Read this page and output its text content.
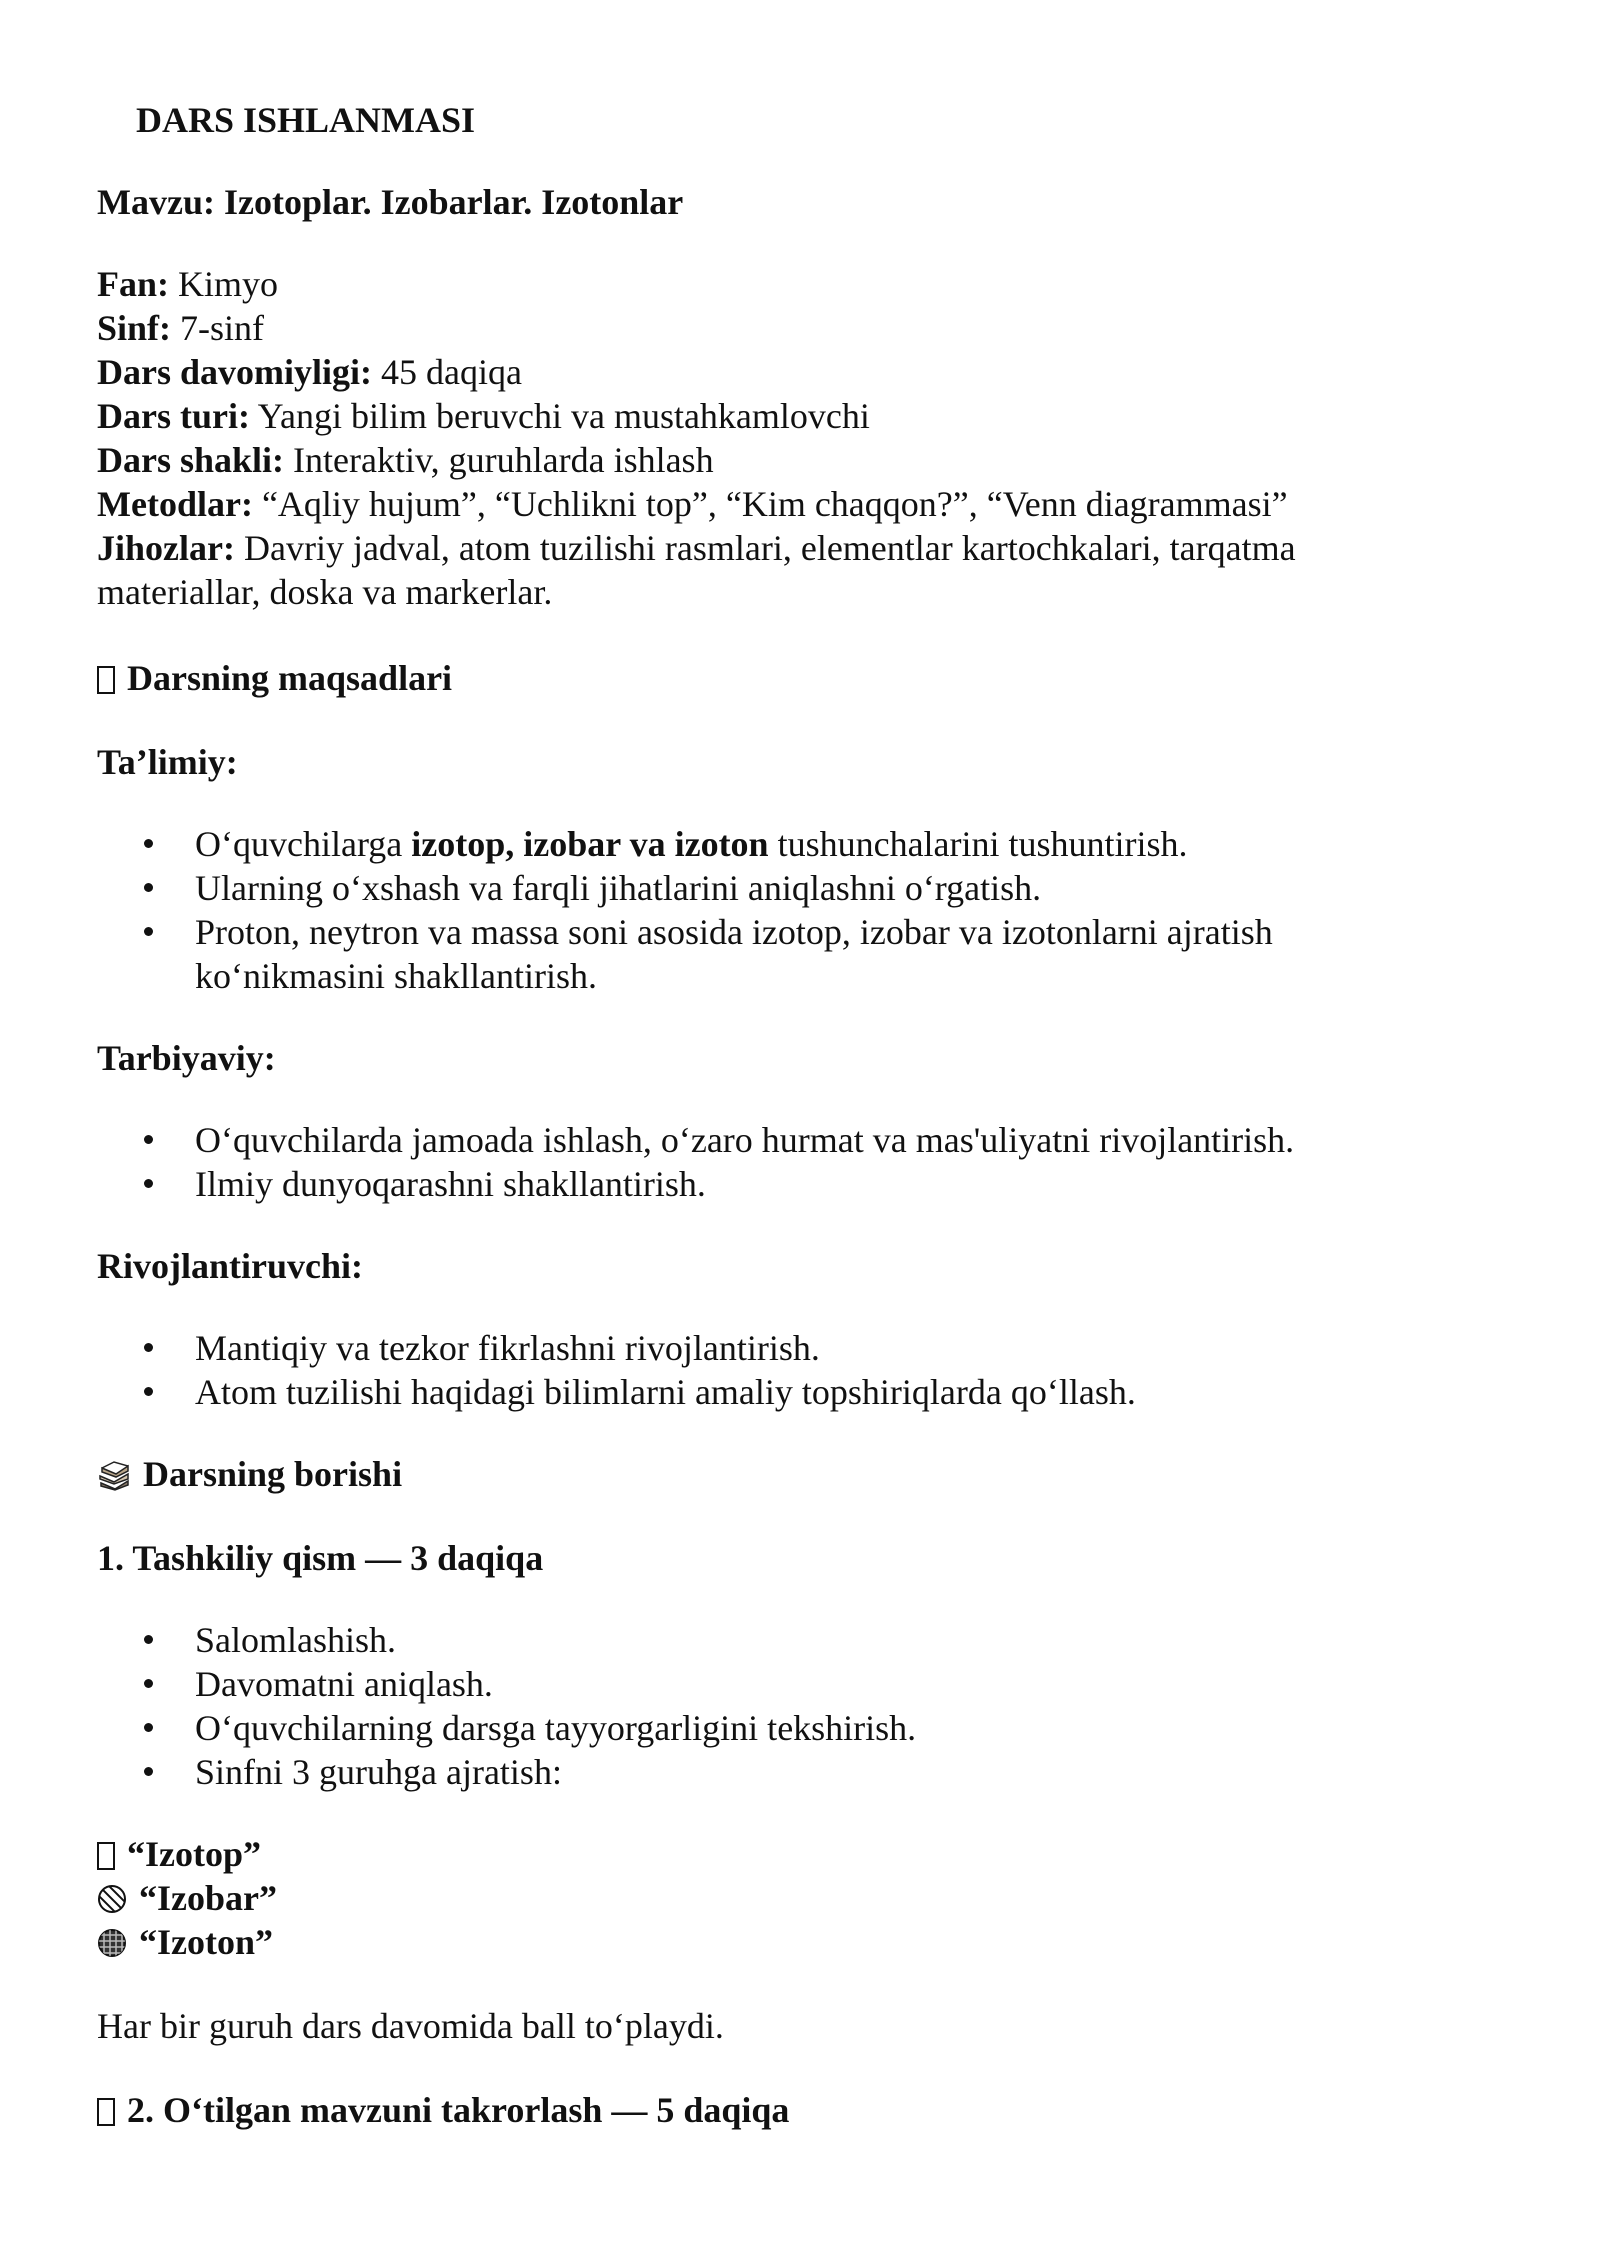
DARS ISHLANMASI
Mavzu: Izotoplar. Izobarlar. Izotonlar
Fan: Kimyo
Sinf: 7-sinf
Dars davomiyligi: 45 daqiqa
Dars turi: Yangi bilim beruvchi va mustahkamlovchi
Dars shakli: Interaktiv, guruhlarda ishlash
Metodlar: “Aqliy hujum”, “Uchlikni top”, “Kim chaqqon?”, “Venn diagrammasi”
Jihozlar: Davriy jadval, atom tuzilishi rasmlari, elementlar kartochkalari, tarqatma materiallar, doska va markerlar.
Darsning maqsadlari
Ta’limiy:
O‘quvchilarga izotop, izobar va izoton tushunchalarini tushuntirish.
Ularning o‘xshash va farqli jihatlarini aniqlashni o‘rgatish.
Proton, neytron va massa soni asosida izotop, izobar va izotonlarni ajratish ko‘nikmasini shakllantirish.
Tarbiyaviy:
O‘quvchilarda jamoada ishlash, o‘zaro hurmat va mas'uliyatni rivojlantirish.
Ilmiy dunyoqarashni shakllantirish.
Rivojlantiruvchi:
Mantiqiy va tezkor fikrlashni rivojlantirish.
Atom tuzilishi haqidagi bilimlarni amaliy topshiriqlarda qo‘llash.
Darsning borishi
1. Tashkiliy qism — 3 daqiqa
Salomlashish.
Davomatni aniqlash.
O‘quvchilarning darsga tayyorgarligini tekshirish.
Sinfni 3 guruhga ajratish:
“Izotop”
“Izobar”
“Izoton”
Har bir guruh dars davomida ball to‘playdi.
2. O‘tilgan mavzuni takrorlash — 5 daqiqa
